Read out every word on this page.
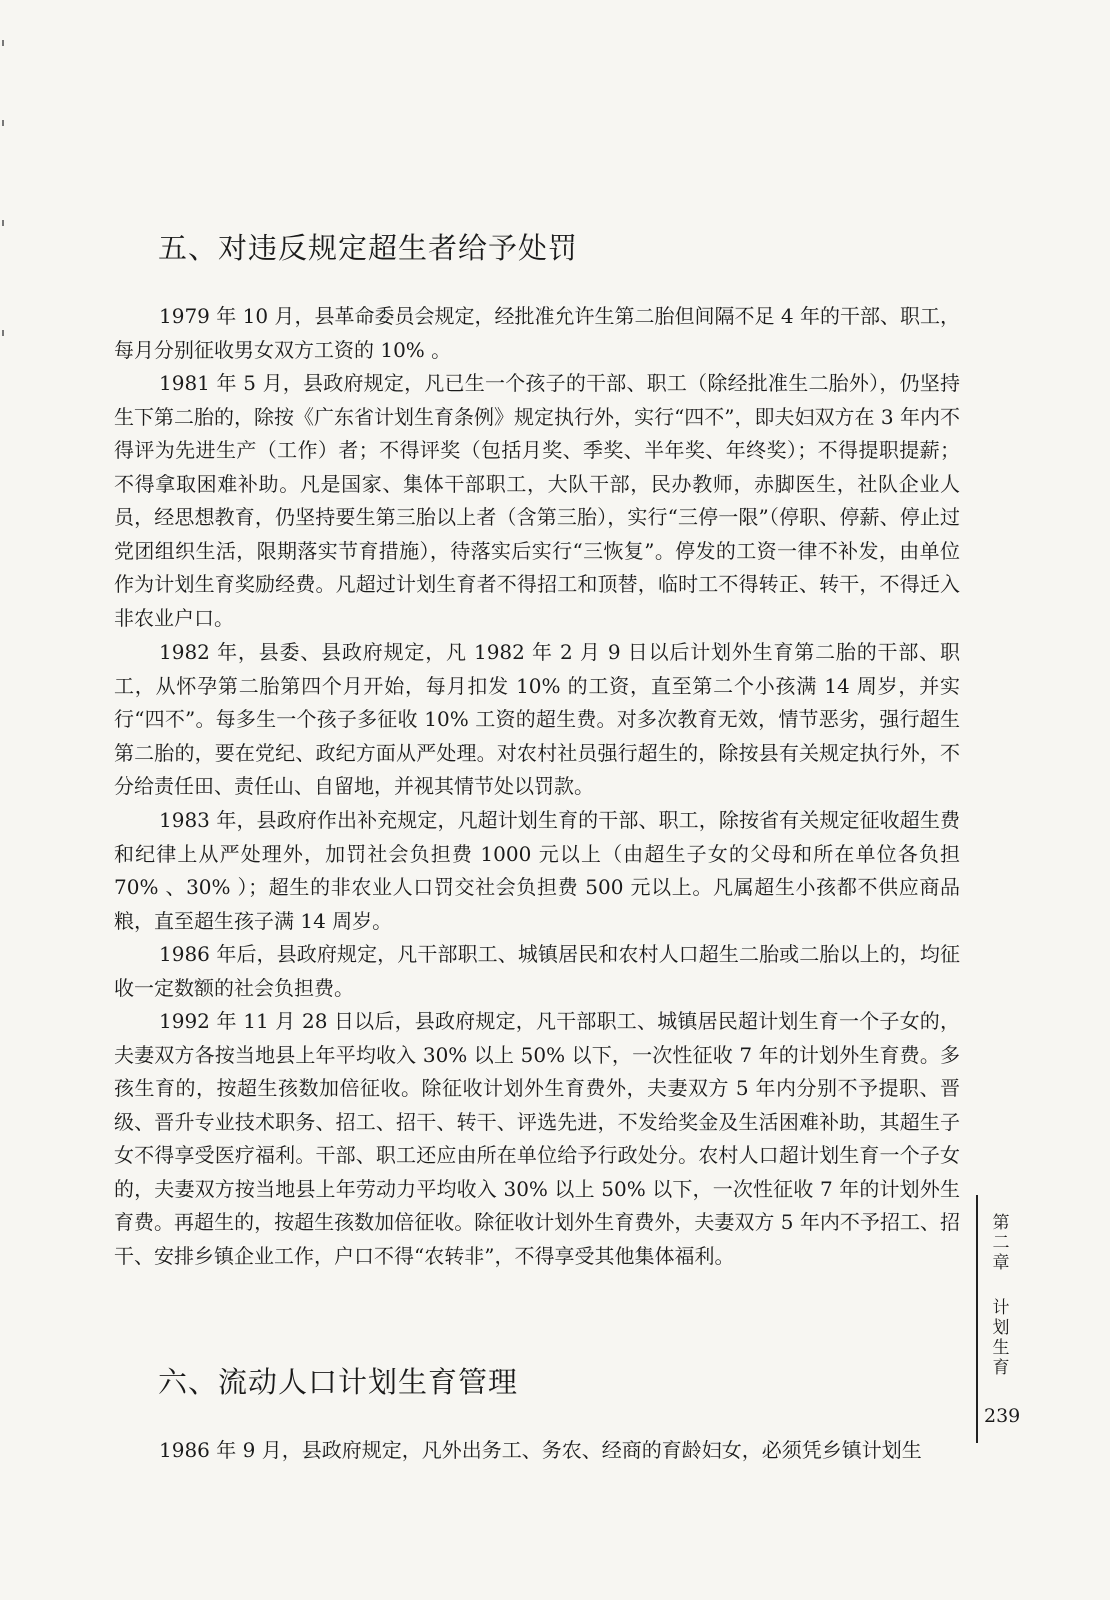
五、对违反规定超生者给予处罚

1979 年 10 月，县革命委员会规定，经批准允许生第二胎但间隔不足 4 年的干部、职工，每月分别征收男女双方工资的 10% 。

1981 年 5 月，县政府规定，凡已生一个孩子的干部、职工（除经批准生二胎外），仍坚持生下第二胎的，除按《广东省计划生育条例》规定执行外，实行“四不”，即夫妇双方在 3 年内不得评为先进生产（工作）者；不得评奖（包括月奖、季奖、半年奖、年终奖）；不得提职提薪；不得拿取困难补助。凡是国家、集体干部职工，大队干部，民办教师，赤脚医生，社队企业人员，经思想教育，仍坚持要生第三胎以上者（含第三胎），实行“三停一限”（停职、停薪、停止过党团组织生活，限期落实节育措施），待落实后实行“三恢复”。停发的工资一律不补发，由单位作为计划生育奖励经费。凡超过计划生育者不得招工和顶替，临时工不得转正、转干，不得迁入非农业户口。

1982 年，县委、县政府规定，凡 1982 年 2 月 9 日以后计划外生育第二胎的干部、职工，从怀孕第二胎第四个月开始，每月扣发 10% 的工资，直至第二个小孩满 14 周岁，并实行“四不”。每多生一个孩子多征收 10% 工资的超生费。对多次教育无效，情节恶劣，强行超生第二胎的，要在党纪、政纪方面从严处理。对农村社员强行超生的，除按县有关规定执行外，不分给责任田、责任山、自留地，并视其情节处以罚款。

1983 年，县政府作出补充规定，凡超计划生育的干部、职工，除按省有关规定征收超生费和纪律上从严处理外，加罚社会负担费 1000 元以上（由超生子女的父母和所在单位各负担 70% 、30% ）；超生的非农业人口罚交社会负担费 500 元以上。凡属超生小孩都不供应商品粮，直至超生孩子满 14 周岁。

1986 年后，县政府规定，凡干部职工、城镇居民和农村人口超生二胎或二胎以上的，均征收一定数额的社会负担费。

1992 年 11 月 28 日以后，县政府规定，凡干部职工、城镇居民超计划生育一个子女的，夫妻双方各按当地县上年平均收入 30% 以上 50% 以下，一次性征收 7 年的计划外生育费。多孩生育的，按超生孩数加倍征收。除征收计划外生育费外，夫妻双方 5 年内分别不予提职、晋级、晋升专业技术职务、招工、招干、转干、评选先进，不发给奖金及生活困难补助，其超生子女不得享受医疗福利。干部、职工还应由所在单位给予行政处分。农村人口超计划生育一个子女的，夫妻双方按当地县上年劳动力平均收入 30% 以上 50% 以下，一次性征收 7 年的计划外生育费。再超生的，按超生孩数加倍征收。除征收计划外生育费外，夫妻双方 5 年内不予招工、招干、安排乡镇企业工作，户口不得“农转非”，不得享受其他集体福利。

六、流动人口计划生育管理

1986 年 9 月，县政府规定，凡外出务工、务农、经商的育龄妇女，必须凭乡镇计划生

第二章

计划生育

239
